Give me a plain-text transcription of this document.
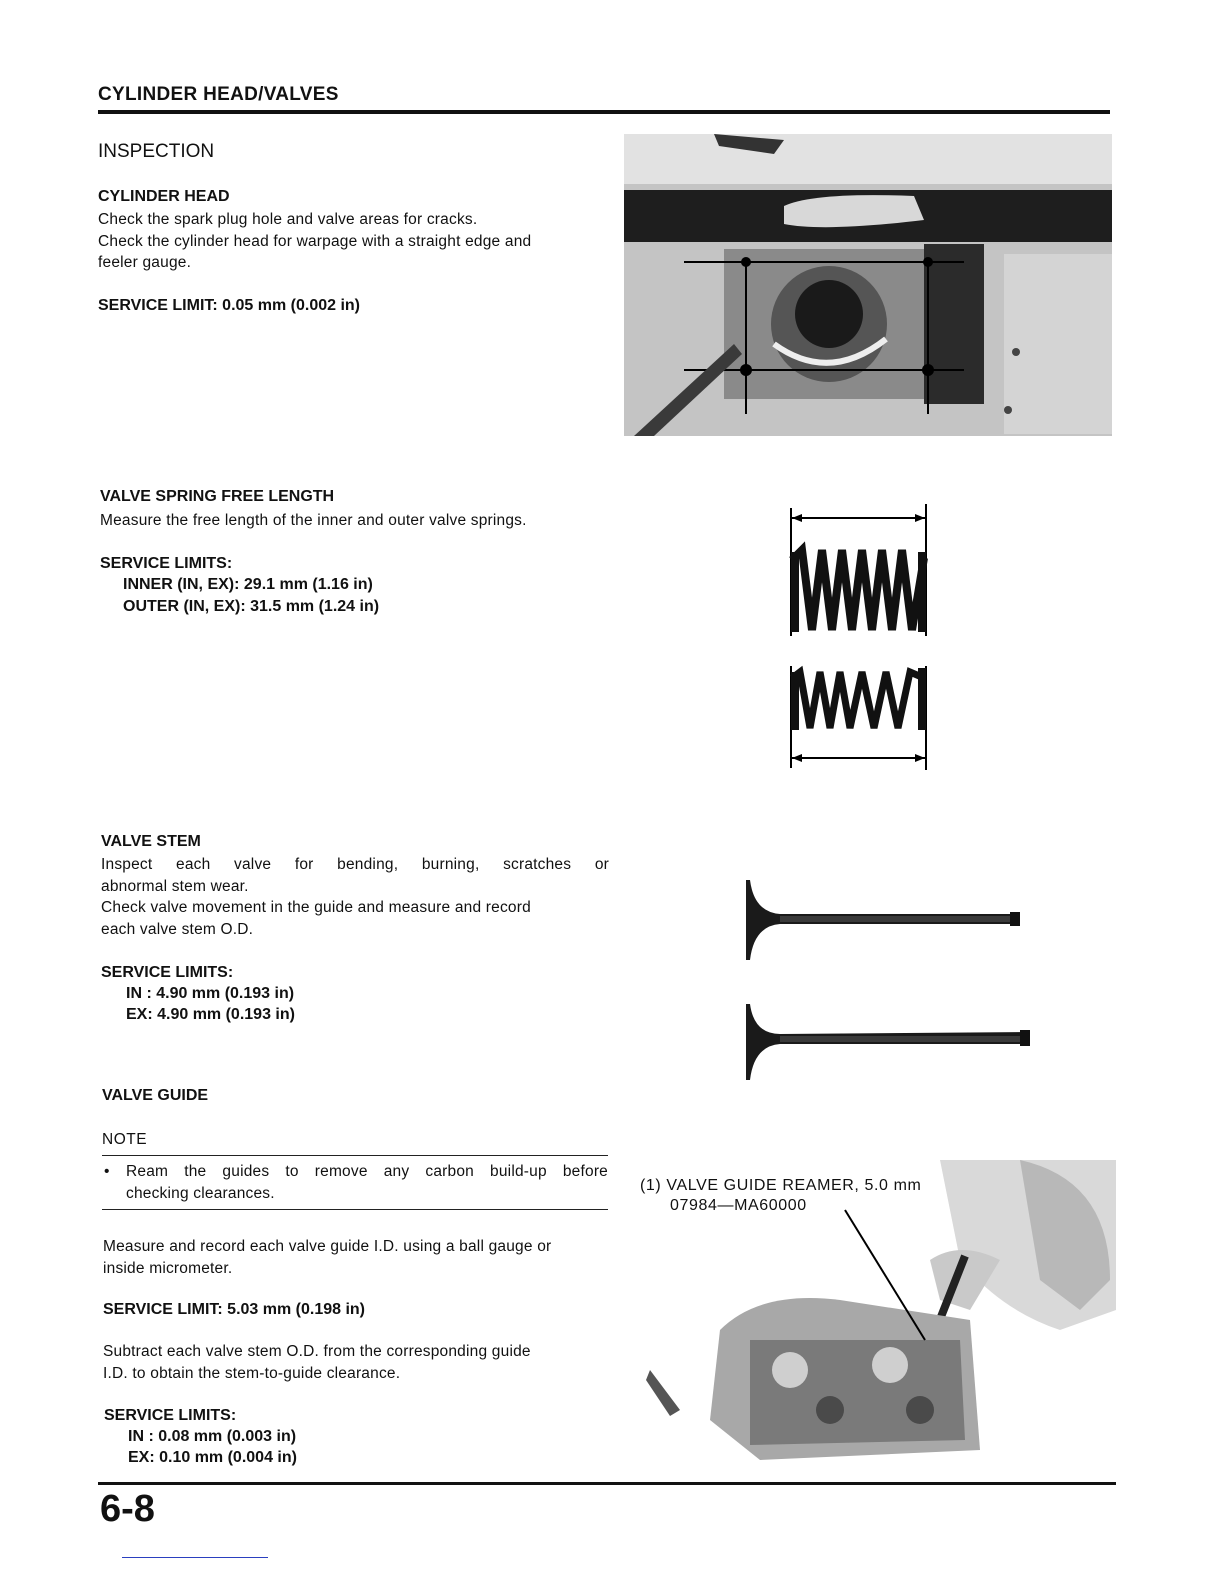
CYLINDER HEAD/VALVES
INSPECTION
CYLINDER HEAD
Check the spark plug hole and valve areas for cracks.
Check the cylinder head for warpage with a straight edge and
feeler gauge.
SERVICE LIMIT: 0.05 mm (0.002 in)
VALVE SPRING FREE LENGTH
Measure the free length of the inner and outer valve springs.
SERVICE LIMITS:
INNER (IN, EX): 29.1 mm (1.16 in)
OUTER (IN, EX): 31.5 mm (1.24 in)
VALVE STEM
Inspect each valve for bending, burning, scratches or
abnormal stem wear.
Check valve movement in the guide and measure and record
each valve stem O.D.
SERVICE LIMITS:
IN : 4.90 mm (0.193 in)
EX: 4.90 mm (0.193 in)
VALVE GUIDE
NOTE
• Ream the guides to remove any carbon build-up before
checking clearances.
Measure and record each valve guide I.D. using a ball gauge or
inside micrometer.
SERVICE LIMIT: 5.03 mm (0.198 in)
Subtract each valve stem O.D. from the corresponding guide
I.D. to obtain the stem-to-guide clearance.
SERVICE LIMITS:
IN : 0.08 mm (0.003 in)
EX: 0.10 mm (0.004 in)
(1) VALVE GUIDE REAMER, 5.0 mm
07984—MA60000
6-8
